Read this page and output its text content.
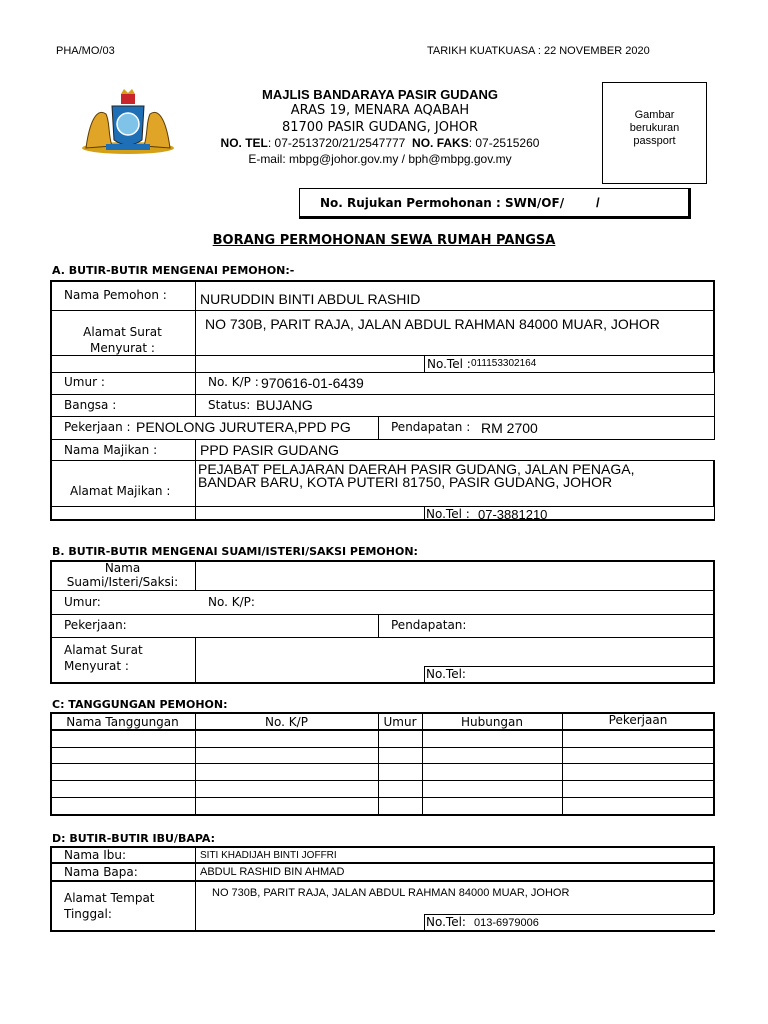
PHA/MO/03	TARIKH KUATKUASA : 22 NOVEMBER 2020
MAJLIS BANDARAYA PASIR GUDANG
ARAS 19, MENARA AQABAH
81700 PASIR GUDANG, JOHOR
NO. TEL: 07-2513720/21/2547777 NO. FAKS: 07-2515260
E-mail: mbpg@johor.gov.my / bph@mbpg.gov.my
Gambar
berukuran
passport
No. Rujukan Permohonan : SWN/OF/ /
BORANG PERMOHONAN SEWA RUMAH PANGSA
A. BUTIR-BUTIR MENGENAI PEMOHON:-
Nama Pemohon : NURUDDIN BINTI ABDUL RASHID
Alamat Surat
Menyurat :
NO 730B, PARIT RAJA, JALAN ABDUL RAHMAN 84000 MUAR, JOHOR
No.Tel : 011153302164
Umur :	No. K/P : 970616-01-6439
Bangsa :	Status: BUJANG
Pekerjaan : PENOLONG JURUTERA,PPD PG	Pendapatan : RM 2700
Nama Majikan :	PPD PASIR GUDANG
Alamat Majikan :
PEJABAT PELAJARAN DAERAH PASIR GUDANG, JALAN PENAGA,
BANDAR BARU, KOTA PUTERI 81750, PASIR GUDANG, JOHOR
No.Tel : 07-3881210
B. BUTIR-BUTIR MENGENAI SUAMI/ISTERI/SAKSI PEMOHON:
Nama
Suami/Isteri/Saksi:
Umur:	No. K/P:
Pekerjaan:	Pendapatan:
Alamat Surat
Menyurat :
No.Tel:
C: TANGGUNGAN PEMOHON:
Nama Tanggungan	No. K/P	Umur	Hubungan	Pekerjaan
D: BUTIR-BUTIR IBU/BAPA:
Nama Ibu:	SITI KHADIJAH BINTI JOFFRI
Nama Bapa:	ABDUL RASHID BIN AHMAD
Alamat Tempat
Tinggal:
NO 730B, PARIT RAJA, JALAN ABDUL RAHMAN 84000 MUAR, JOHOR
No.Tel: 013-6979006
